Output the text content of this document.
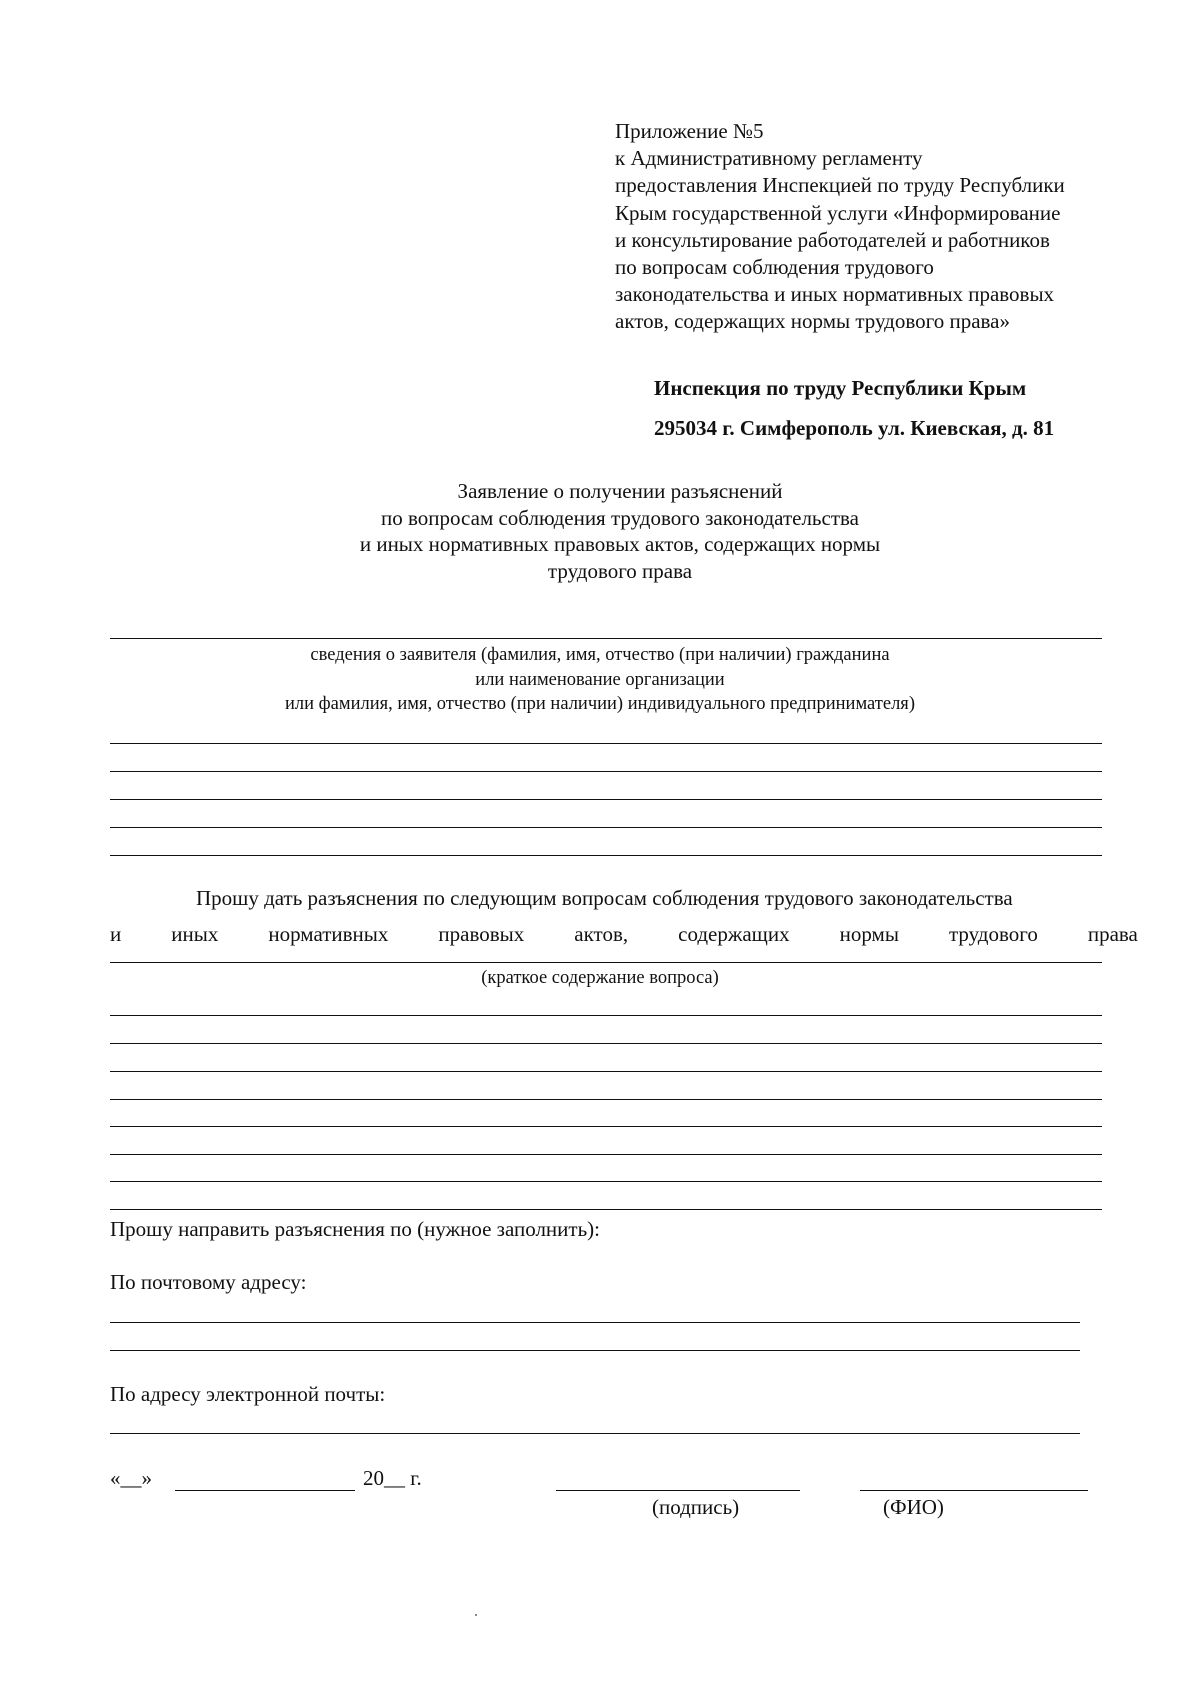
Приложение №5
к Административному регламенту
предоставления Инспекцией по труду Республики
Крым государственной услуги «Информирование
и консультирование работодателей и работников
по вопросам соблюдения трудового
законодательства и иных нормативных правовых
актов, содержащих нормы трудового права»
Инспекция по труду Республики Крым
295034 г. Симферополь ул. Киевская, д. 81
Заявление о получении разъяснений
по вопросам соблюдения трудового законодательства
и иных нормативных правовых актов, содержащих нормы
трудового права
сведения о заявителя (фамилия, имя, отчество (при наличии) гражданина
или наименование организации
или фамилия, имя, отчество (при наличии) индивидуального предпринимателя)
Прошу дать разъяснения по следующим вопросам соблюдения трудового законодательства
и иных нормативных правовых актов, содержащих нормы трудового права
(краткое содержание вопроса)
Прошу направить разъяснения по (нужное заполнить):
По почтовому адресу:
По адресу электронной почты:
«__»	20__ г.
(подпись)	(ФИО)
